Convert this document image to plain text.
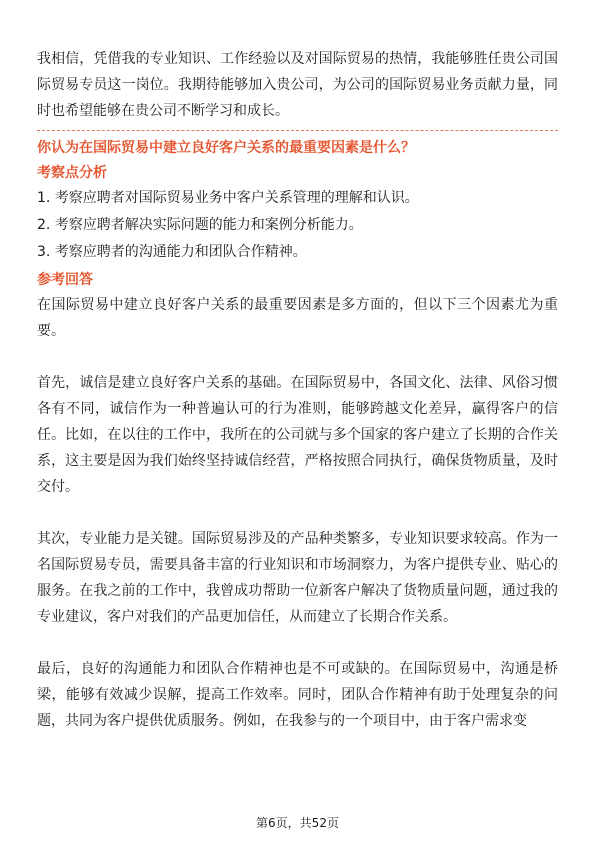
我相信，凭借我的专业知识、工作经验以及对国际贸易的热情，我能够胜任贵公司国际贸易专员这一岗位。我期待能够加入贵公司，为公司的国际贸易业务贡献力量，同时也希望能够在贵公司不断学习和成长。

你认为在国际贸易中建立良好客户关系的最重要因素是什么？

考察点分析

1. 考察应聘者对国际贸易业务中客户关系管理的理解和认识。
2. 考察应聘者解决实际问题的能力和案例分析能力。
3. 考察应聘者的沟通能力和团队合作精神。

参考回答

在国际贸易中建立良好客户关系的最重要因素是多方面的，但以下三个因素尤为重要。

首先，诚信是建立良好客户关系的基础。在国际贸易中，各国文化、法律、风俗习惯各有不同，诚信作为一种普遍认可的行为准则，能够跨越文化差异，赢得客户的信任。比如，在以往的工作中，我所在的公司就与多个国家的客户建立了长期的合作关系，这主要是因为我们始终坚持诚信经营，严格按照合同执行，确保货物质量，及时交付。

其次，专业能力是关键。国际贸易涉及的产品种类繁多，专业知识要求较高。作为一名国际贸易专员，需要具备丰富的行业知识和市场洞察力，为客户提供专业、贴心的服务。在我之前的工作中，我曾成功帮助一位新客户解决了货物质量问题，通过我的专业建议，客户对我们的产品更加信任，从而建立了长期合作关系。

最后，良好的沟通能力和团队合作精神也是不可或缺的。在国际贸易中，沟通是桥梁，能够有效减少误解，提高工作效率。同时，团队合作精神有助于处理复杂的问题，共同为客户提供优质服务。例如，在我参与的一个项目中，由于客户需求变

第6页，共52页
